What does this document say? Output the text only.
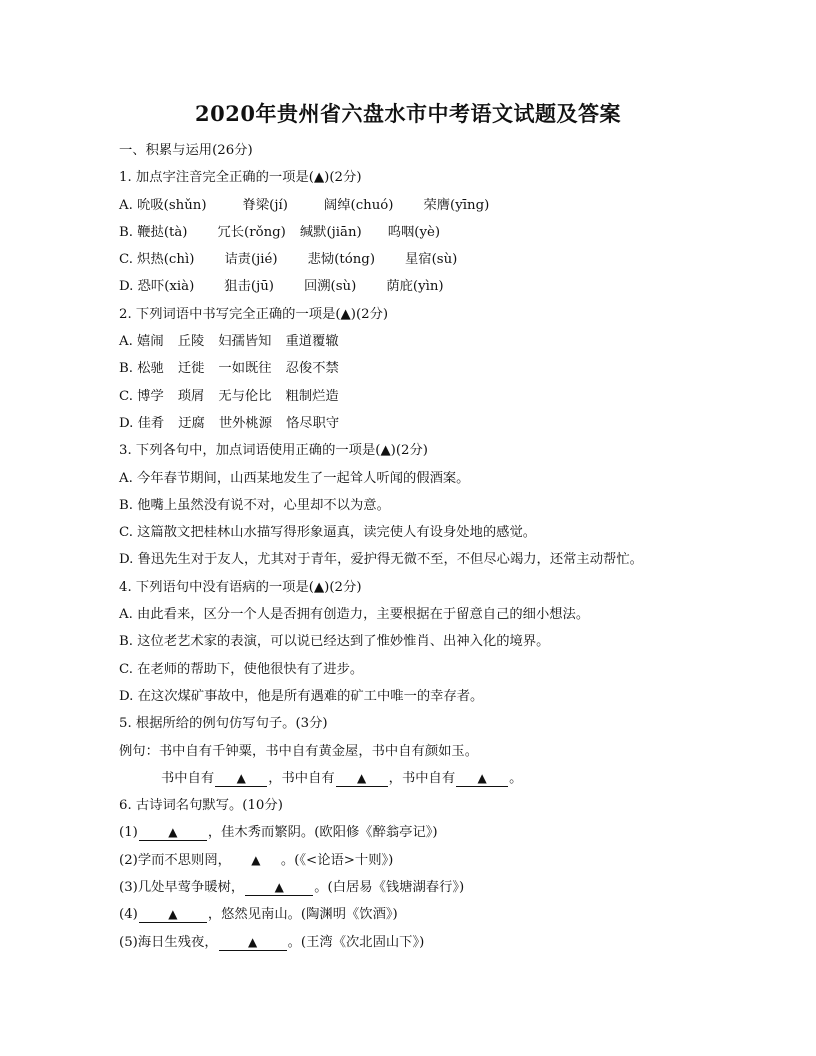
2020年贵州省六盘水市中考语文试题及答案
一、积累与运用(26分)
1. 加点字注音完全正确的一项是(▲)(2分)
A. 吮吸(shǔn)	脊梁(jí)	阔绰(chuó) 荣膺(yīng)
B. 鞭挞(tà) 冗长(rǒng) 缄默(jiān) 呜咽(yè)
C. 炽热(chì) 诘责(jié) 悲恸(tóng) 星宿(sù)
D. 恐吓(xià) 狙击(jū) 回溯(sù) 荫庇(yìn)
2. 下列词语中书写完全正确的一项是(▲)(2分)
A. 嬉闹 丘陵 妇孺皆知 重道覆辙
B. 松驰 迁徙 一如既往 忍俊不禁
C. 博学 琐屑 无与伦比 粗制烂造
D. 佳肴 迂腐 世外桃源 恪尽职守
3. 下列各句中，加点词语使用正确的一项是(▲)(2分)
A. 今年春节期间，山西某地发生了一起耸人听闻的假酒案。
B. 他嘴上虽然没有说不对，心里却不以为意。
C. 这篇散文把桂林山水描写得形象逼真，读完使人有设身处地的感觉。
D. 鲁迅先生对于友人，尤其对于青年，爱护得无微不至，不但尽心竭力，还常主动帮忙。
4. 下列语句中没有语病的一项是(▲)(2分)
A. 由此看来，区分一个人是否拥有创造力，主要根据在于留意自己的细小想法。
B. 这位老艺术家的表演，可以说已经达到了惟妙惟肖、出神入化的境界。
C. 在老师的帮助下，使他很快有了进步。
D. 在这次煤矿事故中，他是所有遇难的矿工中唯一的幸存者。
5. 根据所给的例句仿写句子。(3分)
例句：书中自有千钟粟，书中自有黄金屋，书中自有颜如玉。
书中自有 ▲ ，书中自有 ▲ ，书中自有 ▲ 。
6. 古诗词名句默写。(10分)
(1)	▲ ，佳木秀而繁阴。(欧阳修《醉翁亭记》)
(2)学而不思则罔， ▲ 。(《<论语>十则》)
(3)几处早莺争暖树，	▲ 。(白居易《钱塘湖春行》)
(4)	▲ ，悠然见南山。(陶渊明《饮酒》)
(5)海日生残夜，	▲ 。(王湾《次北固山下》)
